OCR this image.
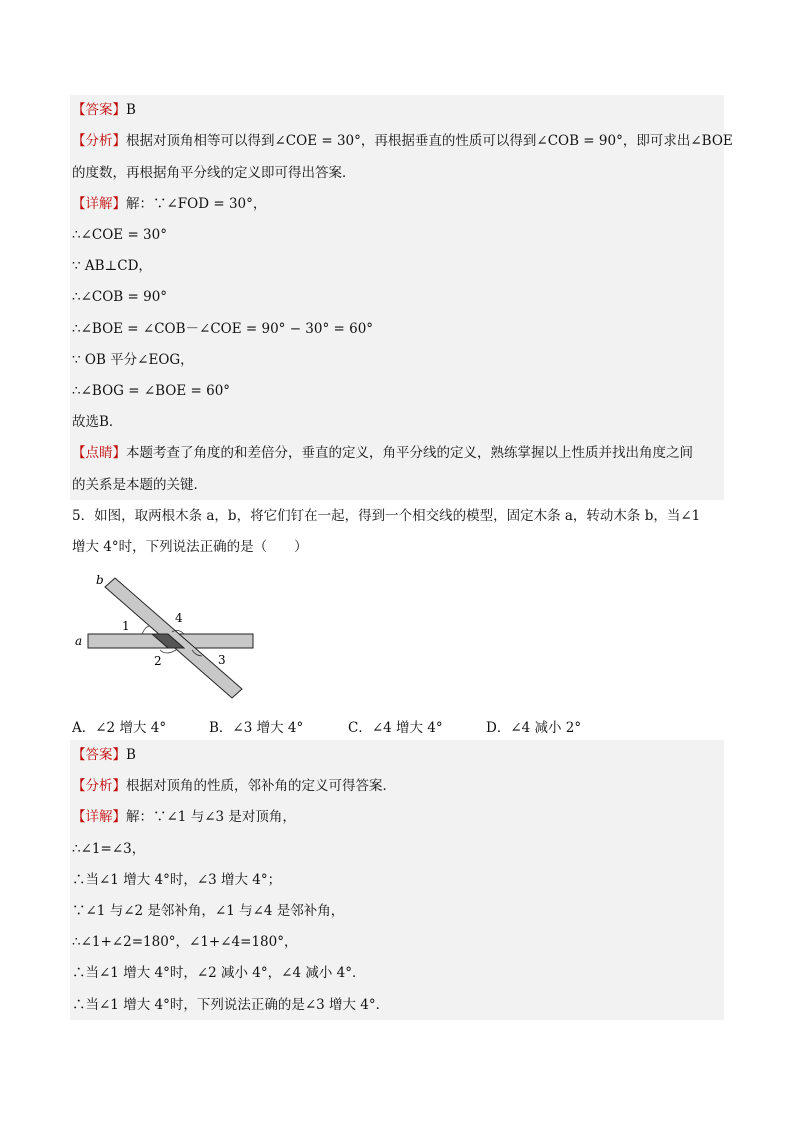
【答案】B
【分析】根据对顶角相等可以得到∠COE = 30°，再根据垂直的性质可以得到∠COB = 90°，即可求出∠BOE
的度数，再根据角平分线的定义即可得出答案．
【详解】解：∵∠FOD = 30°，
∴∠COE = 30°
∵ AB⊥CD，
∴∠COB = 90°
∴∠BOE = ∠COB－∠COE = 90° − 30° = 60°
∵ OB 平分∠EOG，
∴∠BOG = ∠BOE = 60°
故选B．
【点睛】本题考查了角度的和差倍分，垂直的定义，角平分线的定义，熟练掌握以上性质并找出角度之间
的关系是本题的关键．
5．如图，取两根木条 a，b，将它们钉在一起，得到一个相交线的模型，固定木条 a，转动木条 b，当∠1
增大 4°时，下列说法正确的是（　　）
b
a
1
4
2	3
A．∠2 增大 4°	B．∠3 增大 4°	C．∠4 增大 4°	D．∠4 减小 2°
【答案】B
【分析】根据对顶角的性质，邻补角的定义可得答案．
【详解】解：∵∠1 与∠3 是对顶角，
∴∠1=∠3，
∴当∠1 增大 4°时，∠3 增大 4°；
∵∠1 与∠2 是邻补角，∠1 与∠4 是邻补角，
∴∠1+∠2=180°，∠1+∠4=180°，
∴当∠1 增大 4°时，∠2 减小 4°，∠4 减小 4°．
∴当∠1 增大 4°时，下列说法正确的是∠3 增大 4°．
